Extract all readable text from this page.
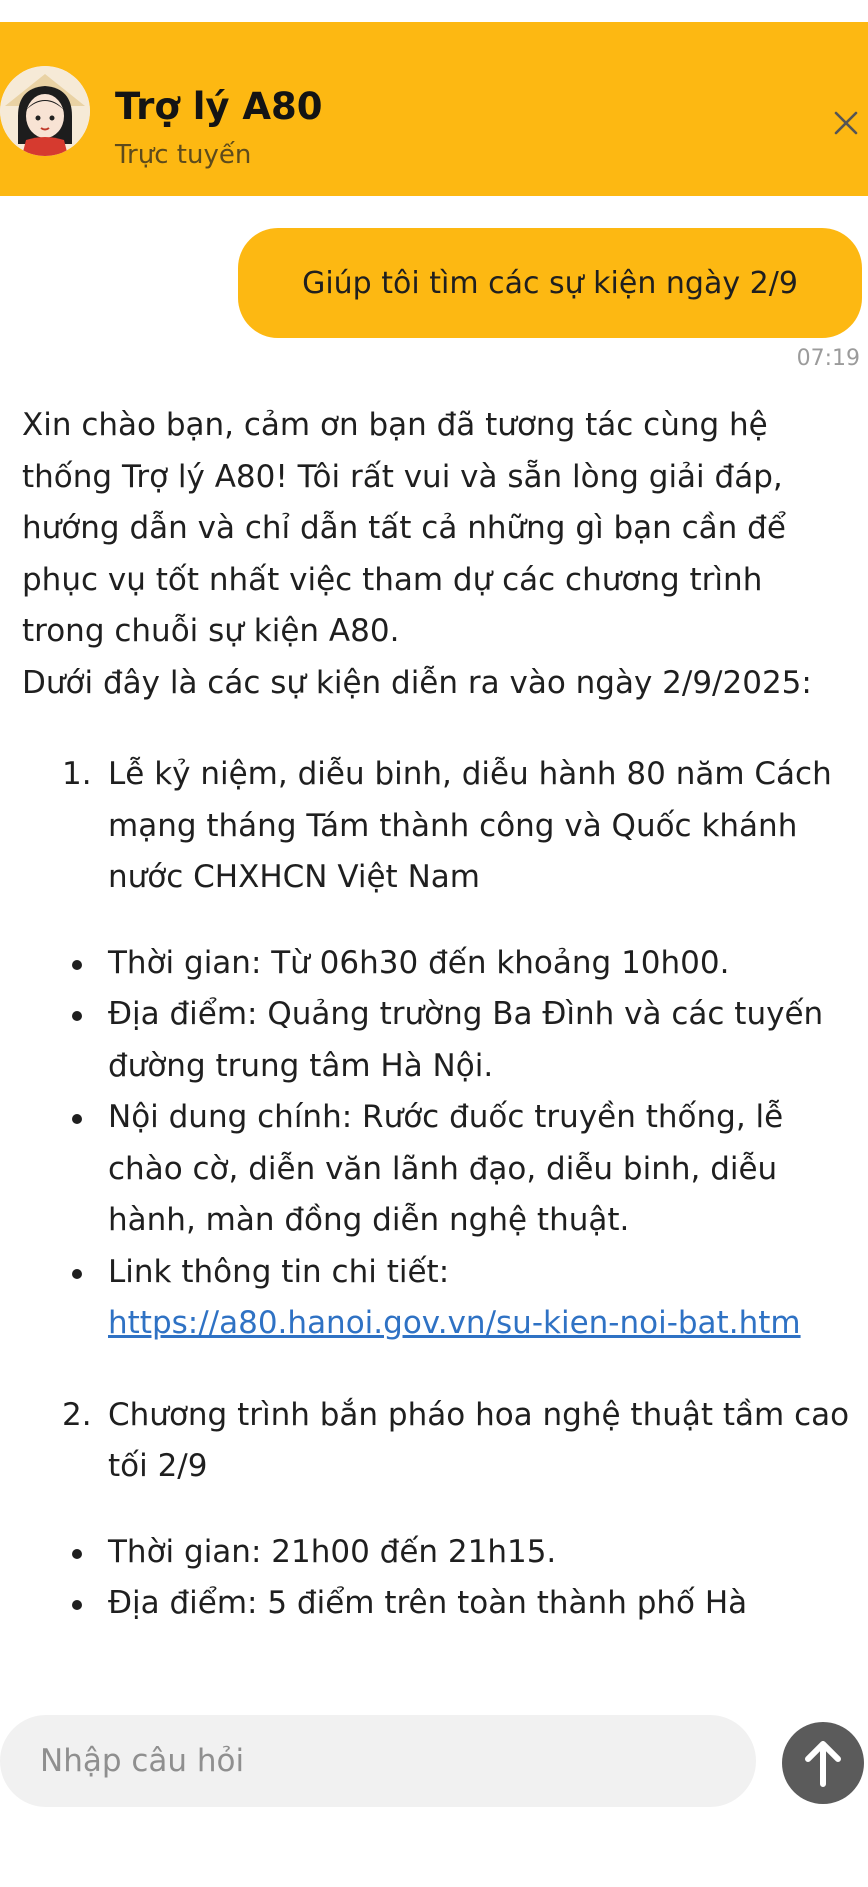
Trợ lý A80
Trực tuyến
Giúp tôi tìm các sự kiện ngày 2/9
07:19

Xin chào bạn, cảm ơn bạn đã tương tác cùng hệ thống Trợ lý A80! Tôi rất vui và sẵn lòng giải đáp, hướng dẫn và chỉ dẫn tất cả những gì bạn cần để phục vụ tốt nhất việc tham dự các chương trình trong chuỗi sự kiện A80.

Dưới đây là các sự kiện diễn ra vào ngày 2/9/2025:

1. Lễ kỷ niệm, diễu binh, diễu hành 80 năm Cách mạng tháng Tám thành công và Quốc khánh nước CHXHCN Việt Nam
Thời gian: Từ 06h30 đến khoảng 10h00.
Địa điểm: Quảng trường Ba Đình và các tuyến đường trung tâm Hà Nội.
Nội dung chính: Rước đuốc truyền thống, lễ chào cờ, diễn văn lãnh đạo, diễu binh, diễu hành, màn đồng diễn nghệ thuật.
Link thông tin chi tiết:
https://a80.hanoi.gov.vn/su-kien-noi-bat.htm
2. Chương trình bắn pháo hoa nghệ thuật tầm cao tối 2/9
Thời gian: 21h00 đến 21h15.
Địa điểm: 5 điểm trên toàn thành phố Hà
Nhập câu hỏi
